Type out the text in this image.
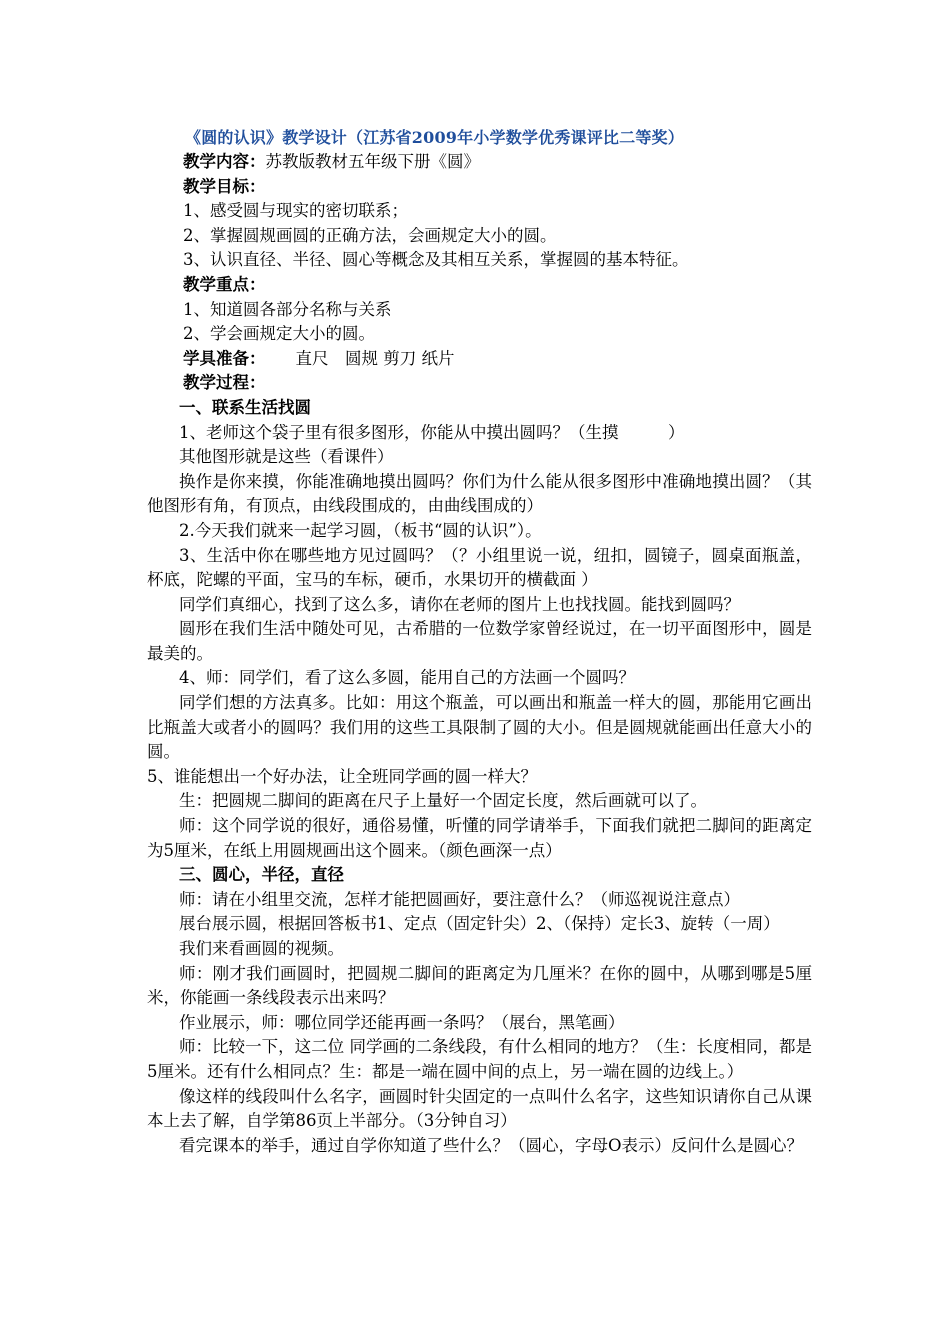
《圆的认识》教学设计（江苏省2009年小学数学优秀课评比二等奖）
教学内容：苏教版教材五年级下册《圆》
教学目标：
1、感受圆与现实的密切联系；
2、掌握圆规画圆的正确方法，会画规定大小的圆。
3、认识直径、半径、圆心等概念及其相互关系，掌握圆的基本特征。
教学重点：
1、知道圆各部分名称与关系
2、学会画规定大小的圆。
学具准备： 直尺　圆规 剪刀 纸片
教学过程：
一、联系生活找圆
1、老师这个袋子里有很多图形，你能从中摸出圆吗？（生摸　　　）
其他图形就是这些（看课件）
换作是你来摸，你能准确地摸出圆吗？你们为什么能从很多图形中准确地摸出圆？（其他图形有角，有顶点，由线段围成的，由曲线围成的）
2.今天我们就来一起学习圆，（板书“圆的认识”）。
3、生活中你在哪些地方见过圆吗？（？小组里说一说，纽扣，圆镜子，圆桌面瓶盖，杯底，陀螺的平面，宝马的车标，硬币，水果切开的横截面 ）
同学们真细心，找到了这么多，请你在老师的图片上也找找圆。能找到圆吗？
圆形在我们生活中随处可见，古希腊的一位数学家曾经说过，在一切平面图形中，圆是最美的。
4、师：同学们，看了这么多圆，能用自己的方法画一个圆吗？
同学们想的方法真多。比如：用这个瓶盖，可以画出和瓶盖一样大的圆，那能用它画出比瓶盖大或者小的圆吗？我们用的这些工具限制了圆的大小。但是圆规就能画出任意大小的圆。
5、谁能想出一个好办法，让全班同学画的圆一样大？
生：把圆规二脚间的距离在尺子上量好一个固定长度，然后画就可以了。
师：这个同学说的很好，通俗易懂，听懂的同学请举手，下面我们就把二脚间的距离定为5厘米，在纸上用圆规画出这个圆来。（颜色画深一点）
三、圆心，半径，直径
师：请在小组里交流，怎样才能把圆画好，要注意什么？（师巡视说注意点）
展台展示圆，根据回答板书1、定点（固定针尖）2、（保持）定长3、旋转（一周）
我们来看画圆的视频。
师：刚才我们画圆时，把圆规二脚间的距离定为几厘米？在你的圆中，从哪到哪是5厘米，你能画一条线段表示出来吗？
作业展示，师：哪位同学还能再画一条吗？（展台，黑笔画）
师：比较一下，这二位 同学画的二条线段，有什么相同的地方？（生：长度相同，都是5厘米。还有什么相同点？生：都是一端在圆中间的点上，另一端在圆的边线上。）
像这样的线段叫什么名字，画圆时针尖固定的一点叫什么名字，这些知识请你自己从课本上去了解，自学第86页上半部分。（3分钟自习）
看完课本的举手，通过自学你知道了些什么？（圆心，字母O表示）反问什么是圆心？
